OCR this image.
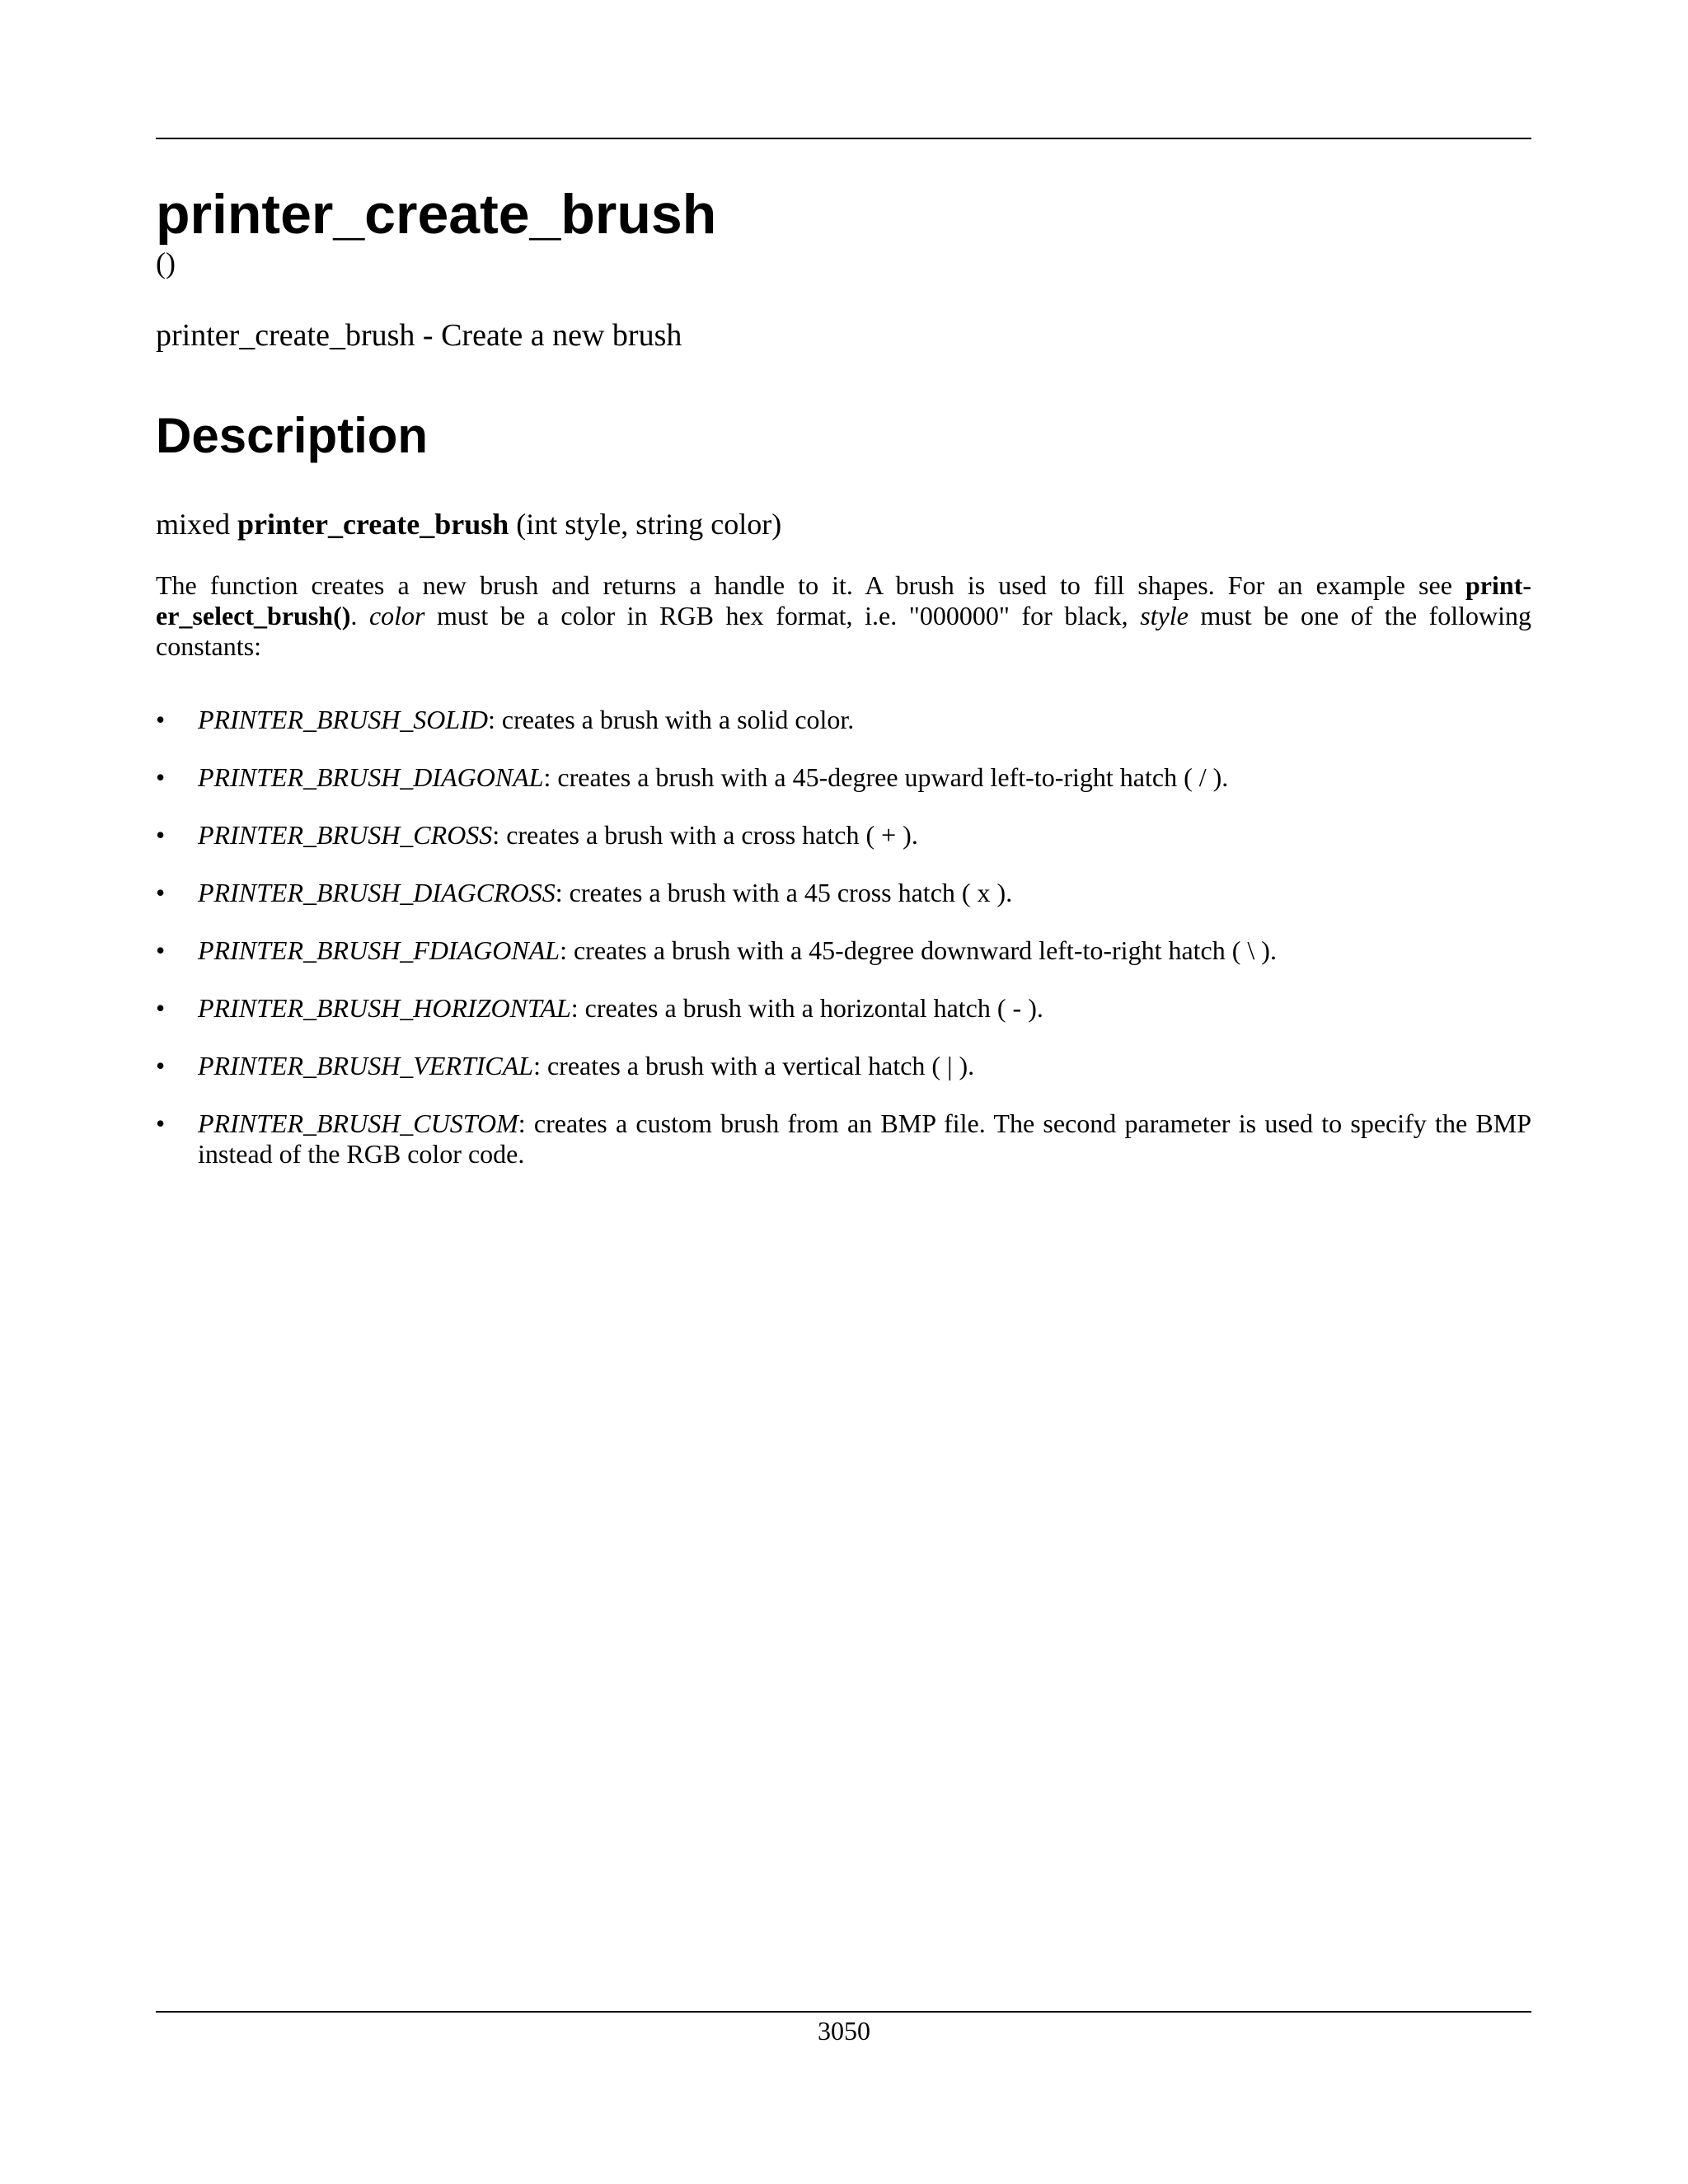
printer_create_brush
()

printer_create_brush - Create a new brush

Description

mixed printer_create_brush (int style, string color)

The function creates a new brush and returns a handle to it. A brush is used to fill shapes. For an example see printer_select_brush(). color must be a color in RGB hex format, i.e. "000000" for black, style must be one of the following constants:

• PRINTER_BRUSH_SOLID: creates a brush with a solid color.
• PRINTER_BRUSH_DIAGONAL: creates a brush with a 45-degree upward left-to-right hatch ( / ).
• PRINTER_BRUSH_CROSS: creates a brush with a cross hatch ( + ).
• PRINTER_BRUSH_DIAGCROSS: creates a brush with a 45 cross hatch ( x ).
• PRINTER_BRUSH_FDIAGONAL: creates a brush with a 45-degree downward left-to-right hatch ( \ ).
• PRINTER_BRUSH_HORIZONTAL: creates a brush with a horizontal hatch ( - ).
• PRINTER_BRUSH_VERTICAL: creates a brush with a vertical hatch ( | ).
• PRINTER_BRUSH_CUSTOM: creates a custom brush from an BMP file. The second parameter is used to specify the BMP instead of the RGB color code.
3050
